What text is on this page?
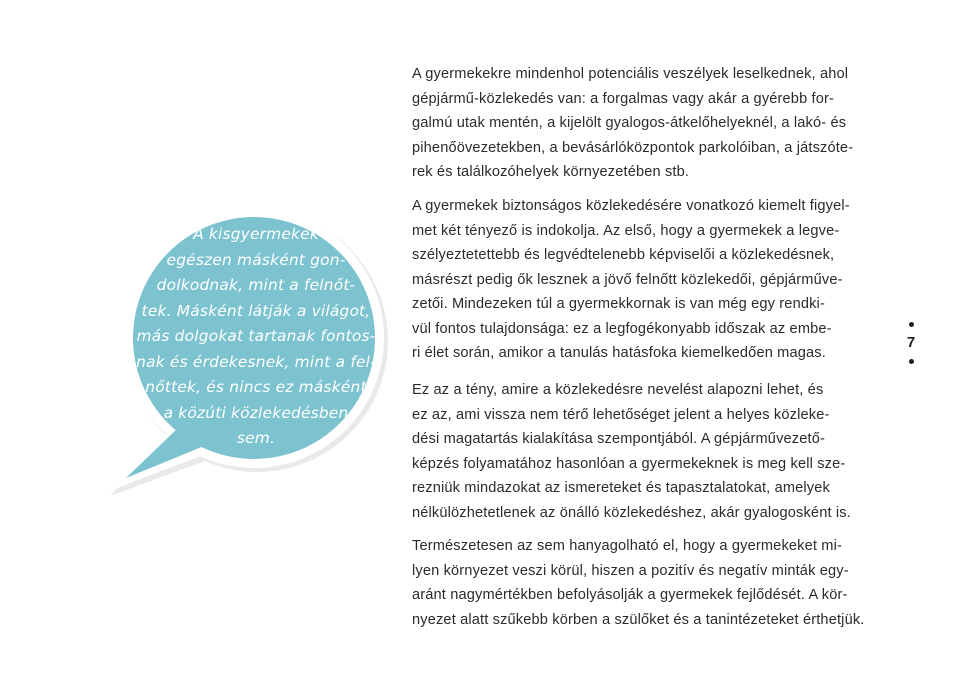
A kisgyermekek
egészen másként gon-
dolkodnak, mint a felnőt-
tek. Másként látják a világot,
más dolgokat tartanak fontos-
nak és érdekesnek, mint a fel-
nőttek, és nincs ez másként
a közúti közlekedésben
sem.
A gyermekekre mindenhol potenciális veszélyek leselkednek, ahol
gépjármű-közlekedés van: a forgalmas vagy akár a gyérebb for-
galmú utak mentén, a kijelölt gyalogos-átkelőhelyeknél, a lakó- és
pihenőövezetekben, a bevásárlóközpontok parkolóiban, a játszóte-
rek és találkozóhelyek környezetében stb.
A gyermekek biztonságos közlekedésére vonatkozó kiemelt figyel-
met két tényező is indokolja. Az első, hogy a gyermekek a legve-
szélyeztetettebb és legvédtelenebb képviselői a közlekedésnek,
másrészt pedig ők lesznek a jövő felnőtt közlekedői, gépjárműve-
zetői. Mindezeken túl a gyermekkornak is van még egy rendki-
vül fontos tulajdonsága: ez a legfogékonyabb időszak az embe-
ri élet során, amikor a tanulás hatásfoka kiemelkedően magas.
Ez az a tény, amire a közlekedésre nevelést alapozni lehet, és
ez az, ami vissza nem térő lehetőséget jelent a helyes közleke-
dési magatartás kialakítása szempontjából. A gépjárművezető-
képzés folyamatához hasonlóan a gyermekeknek is meg kell sze-
rezniük mindazokat az ismereteket és tapasztalatokat, amelyek
nélkülözhetetlenek az önálló közlekedéshez, akár gyalogosként is.
Természetesen az sem hanyagolható el, hogy a gyermekeket mi-
lyen környezet veszi körül, hiszen a pozitív és negatív minták egy-
aránt nagymértékben befolyásolják a gyermekek fejlődését. A kör-
nyezet alatt szűkebb körben a szülőket és a tanintézeteket érthetjük.
7
